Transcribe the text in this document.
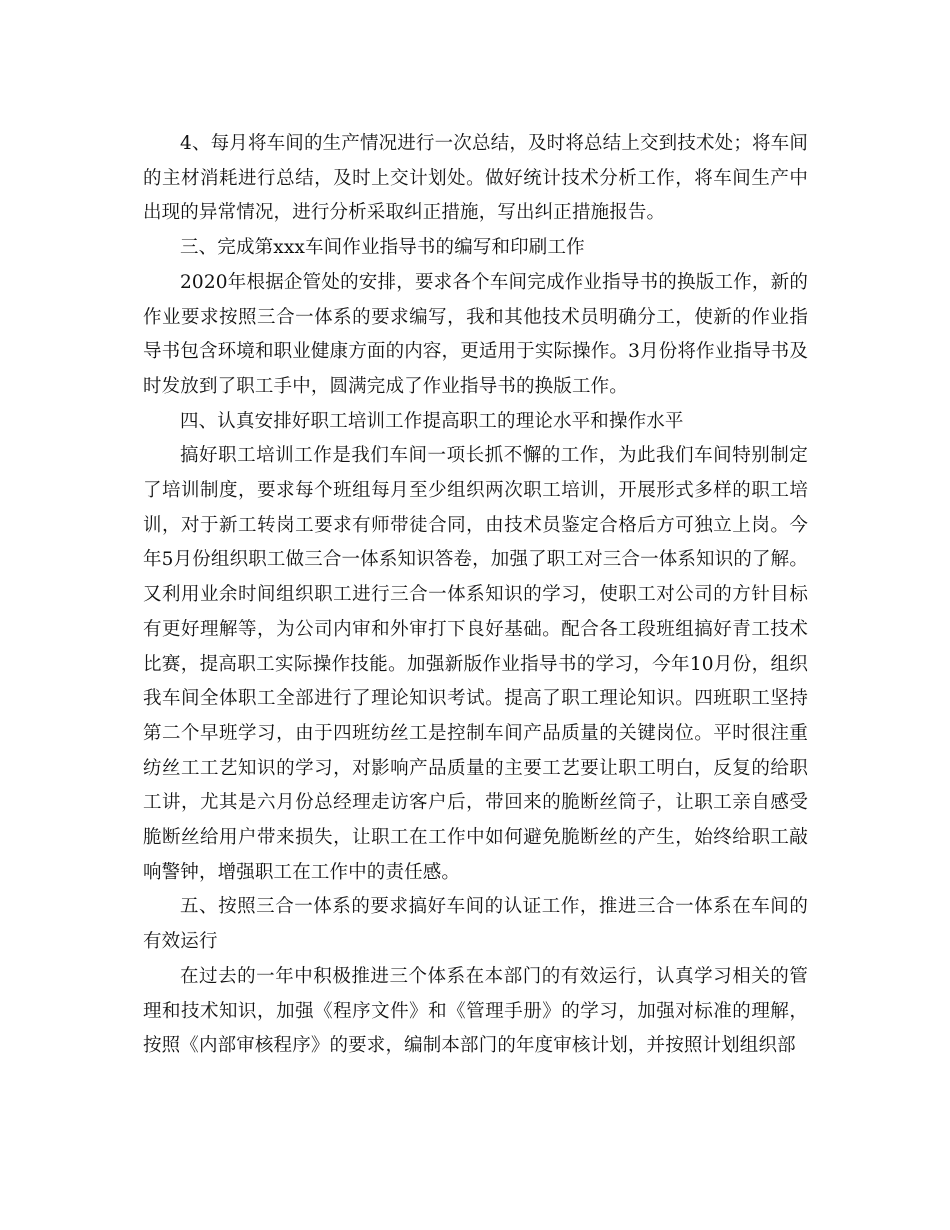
4、每月将车间的生产情况进行一次总结，及时将总结上交到技术处；将车间的主材消耗进行总结，及时上交计划处。做好统计技术分析工作，将车间生产中出现的异常情况，进行分析采取纠正措施，写出纠正措施报告。

三、完成第xxx车间作业指导书的编写和印刷工作

2020年根据企管处的安排，要求各个车间完成作业指导书的换版工作，新的作业要求按照三合一体系的要求编写，我和其他技术员明确分工，使新的作业指导书包含环境和职业健康方面的内容，更适用于实际操作。3月份将作业指导书及时发放到了职工手中，圆满完成了作业指导书的换版工作。

四、认真安排好职工培训工作提高职工的理论水平和操作水平

搞好职工培训工作是我们车间一项长抓不懈的工作，为此我们车间特别制定了培训制度，要求每个班组每月至少组织两次职工培训，开展形式多样的职工培训，对于新工转岗工要求有师带徒合同，由技术员鉴定合格后方可独立上岗。今年5月份组织职工做三合一体系知识答卷，加强了职工对三合一体系知识的了解。又利用业余时间组织职工进行三合一体系知识的学习，使职工对公司的方针目标有更好理解等，为公司内审和外审打下良好基础。配合各工段班组搞好青工技术比赛，提高职工实际操作技能。加强新版作业指导书的学习，今年10月份，组织我车间全体职工全部进行了理论知识考试。提高了职工理论知识。四班职工坚持第二个早班学习，由于四班纺丝工是控制车间产品质量的关键岗位。平时很注重纺丝工工艺知识的学习，对影响产品质量的主要工艺要让职工明白，反复的给职工讲，尤其是六月份总经理走访客户后，带回来的脆断丝筒子，让职工亲自感受脆断丝给用户带来损失，让职工在工作中如何避免脆断丝的产生，始终给职工敲响警钟，增强职工在工作中的责任感。

五、按照三合一体系的要求搞好车间的认证工作，推进三合一体系在车间的有效运行

在过去的一年中积极推进三个体系在本部门的有效运行，认真学习相关的管理和技术知识，加强《程序文件》和《管理手册》的学习，加强对标准的理解，按照《内部审核程序》的要求，编制本部门的年度审核计划，并按照计划组织部
